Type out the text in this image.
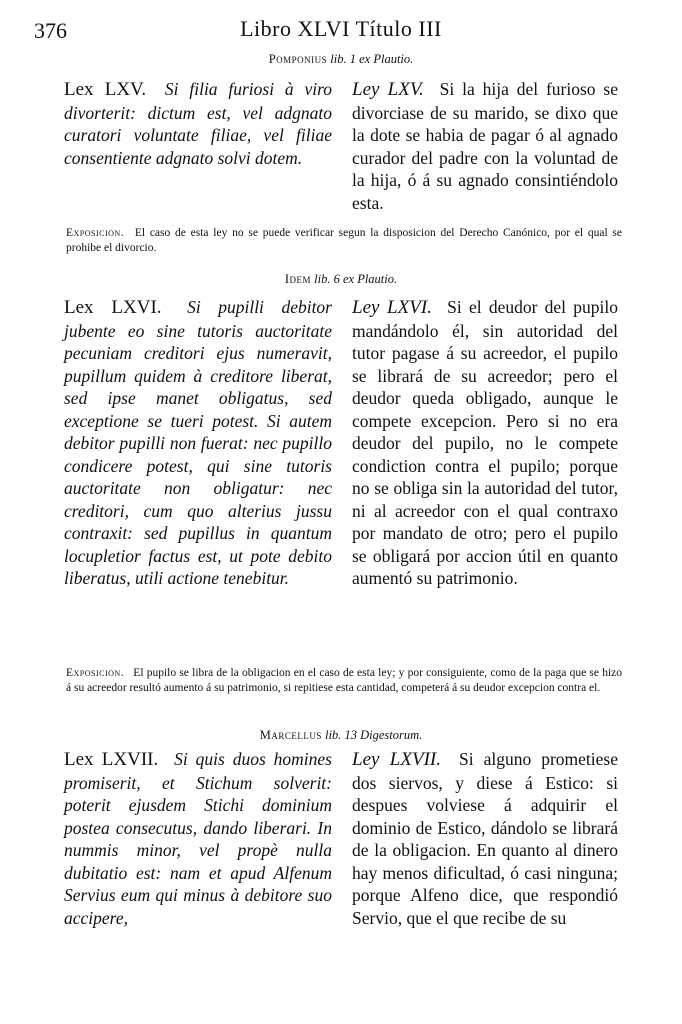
376	Libro XLVI Título III
Pomponius lib. 1 ex Plautio.
Lex LXV. Si filia furiosi à viro divorterit: dictum est, vel adgnato curatori voluntate filiae, vel filiae consentiente adgnato solvi dotem.
Ley LXV. Si la hija del furioso se divorciase de su marido, se dixo que la dote se habia de pagar ó al agnado curador del padre con la voluntad de la hija, ó á su agnado consintiéndolo esta.
Exposicion. El caso de esta ley no se puede verificar segun la disposicion del Derecho Canónico, por el qual se prohibe el divorcio.
Idem lib. 6 ex Plautio.
Lex LXVI. Si pupilli debitor jubente eo sine tutoris auctoritate pecuniam creditori ejus numeravit, pupillum quidem à creditore liberat, sed ipse manet obligatus, sed exceptione se tueri potest. Si autem debitor pupilli non fuerat: nec pupillo condicere potest, qui sine tutoris auctoritate non obligatur: nec creditori, cum quo alterius jussu contraxit: sed pupillus in quantum locupletior factus est, ut pote debito liberatus, utili actione tenebitur.
Ley LXVI. Si el deudor del pupilo mandándolo él, sin autoridad del tutor pagase á su acreedor, el pupilo se librará de su acreedor; pero el deudor queda obligado, aunque le compete excepcion. Pero si no era deudor del pupilo, no le compete condiction contra el pupilo; porque no se obliga sin la autoridad del tutor, ni al acreedor con el qual contraxo por mandato de otro; pero el pupilo se obligará por accion útil en quanto aumentó su patrimonio.
Exposicion. El pupilo se libra de la obligacion en el caso de esta ley; y por consiguiente, como de la paga que se hizo á su acreedor resultó aumento á su patrimonio, si repitiese esta cantidad, competerá á su deudor excepcion contra el.
Marcellus lib. 13 Digestorum.
Lex LXVII. Si quis duos homines promiserit, et Stichum solverit: poterit ejusdem Stichi dominium postea consecutus, dando liberari. In nummis minor, vel propè nulla dubitatio est: nam et apud Alfenum Servius eum qui minus à debitore suo accipere,
Ley LXVII. Si alguno prometiese dos siervos, y diese á Estico: si despues volviese á adquirir el dominio de Estico, dándolo se librará de la obligacion. En quanto al dinero hay menos dificultad, ó casi ninguna; porque Alfeno dice, que respondió Servio, que el que recibe de su
